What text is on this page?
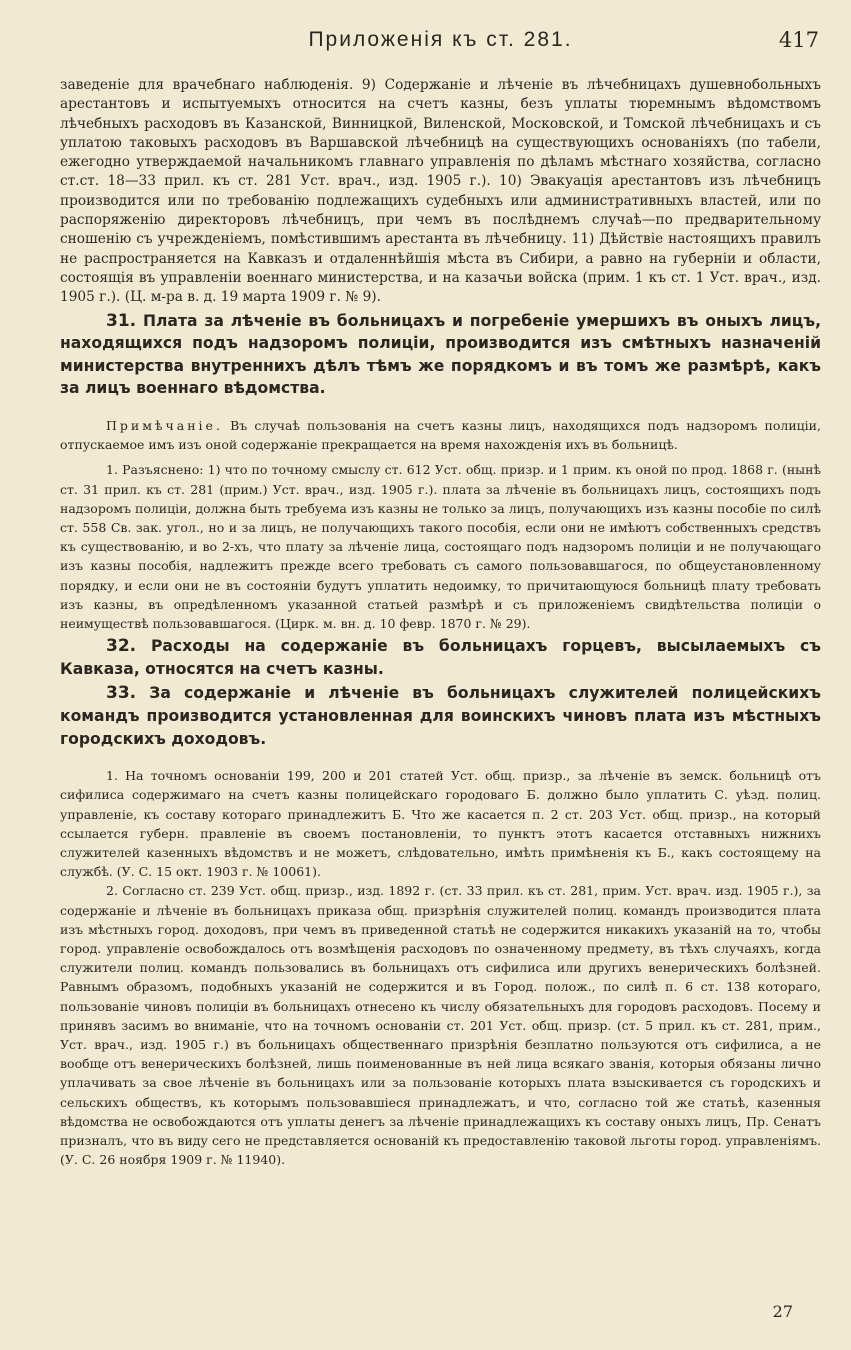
Приложенія къ ст. 281.	417

заведеніе для врачебнаго наблюденія. 9) Содержаніе и лѣченіе въ лѣчебницахъ душевнобольныхъ арестантовъ и испытуемыхъ относится на счетъ казны, безъ уплаты тюремнымъ вѣдомствомъ лѣчебныхъ расходовъ въ Казанской, Винницкой, Виленской, Московской, и Томской лѣчебницахъ и съ уплатою таковыхъ расходовъ въ Варшавской лѣчебницѣ на существующихъ основаніяхъ (по табели, ежегодно утверждаемой начальникомъ главнаго управленія по дѣламъ мѣстнаго хозяйства, согласно ст.ст. 18—33 прил. къ ст. 281 Уст. врач., изд. 1905 г.). 10) Эвакуація арестантовъ изъ лѣчебницъ производится или по требованію подлежащихъ судебныхъ или административныхъ властей, или по распоряженію директоровъ лѣчебницъ, при чемъ въ послѣднемъ случаѣ—по предварительному сношенію съ учрежденіемъ, помѣстившимъ арестанта въ лѣчебницу. 11) Дѣйствіе настоящихъ правилъ не распространяется на Кавказъ и отдаленнѣйшія мѣста въ Сибири, а равно на губерніи и области, состоящія въ управленіи военнаго министерства, и на казачьи войска (прим. 1 къ ст. 1 Уст. врач., изд. 1905 г.). (Ц. м-ра в. д. 19 марта 1909 г. № 9).

31. Плата за лѣченіе въ больницахъ и погребеніе умершихъ въ оныхъ лицъ, находящихся подъ надзоромъ полиціи, производится изъ смѣтныхъ назначеній министерства внутреннихъ дѣлъ тѣмъ же порядкомъ и въ томъ же размѣрѣ, какъ за лицъ военнаго вѣдомства.

Примѣчаніе. Въ случаѣ пользованія на счетъ казны лицъ, находящихся подъ надзоромъ полиціи, отпускаемое имъ изъ оной содержаніе прекращается на время нахожденія ихъ въ больницѣ.

1. Разъяснено: 1) что по точному смыслу ст. 612 Уст. общ. призр. и 1 прим. къ оной по прод. 1868 г. (нынѣ ст. 31 прил. къ ст. 281 (прим.) Уст. врач., изд. 1905 г.). плата за лѣченіе въ больницахъ лицъ, состоящихъ подъ надзоромъ полиціи, должна быть требуема изъ казны не только за лицъ, получающихъ изъ казны пособіе по силѣ ст. 558 Св. зак. угол., но и за лицъ, не получающихъ такого пособія, если они не имѣютъ собственныхъ средствъ къ существованію, и во 2-хъ, что плату за лѣченіе лица, состоящаго подъ надзоромъ полиціи и не получающаго изъ казны пособія, надлежитъ прежде всего требовать съ самого пользовавшагося, по общеустановленному порядку, и если они не въ состояніи будутъ уплатить недоимку, то причитающуюся больницѣ плату требовать изъ казны, въ опредѣленномъ указанной статьей размѣрѣ и съ приложеніемъ свидѣтельства полиціи о неимуществѣ пользовавшагося. (Цирк. м. вн. д. 10 февр. 1870 г. № 29).

32. Расходы на содержаніе въ больницахъ горцевъ, высылаемыхъ съ Кавказа, относятся на счетъ казны.

33. За содержаніе и лѣченіе въ больницахъ служителей полицейскихъ командъ производится установленная для воинскихъ чиновъ плата изъ мѣстныхъ городскихъ доходовъ.

1. На точномъ основаніи 199, 200 и 201 статей Уст. общ. призр., за лѣченіе въ земск. больницѣ отъ сифилиса содержимаго на счетъ казны полицейскаго городоваго Б. должно было уплатить С. уѣзд. полиц. управленіе, къ составу котораго принадлежитъ Б. Что же касается п. 2 ст. 203 Уст. общ. призр., на который ссылается губерн. правленіе въ своемъ постановленіи, то пунктъ этотъ касается отставныхъ нижнихъ служителей казенныхъ вѣдомствъ и не можетъ, слѣдовательно, имѣть примѣненія къ Б., какъ состоящему на службѣ. (У. С. 15 окт. 1903 г. № 10061).

2. Согласно ст. 239 Уст. общ. призр., изд. 1892 г. (ст. 33 прил. къ ст. 281, прим. Уст. врач. изд. 1905 г.), за содержаніе и лѣченіе въ больницахъ приказа общ. призрѣнія служителей полиц. командъ производится плата изъ мѣстныхъ город. доходовъ, при чемъ въ приведенной статьѣ не содержится никакихъ указаній на то, чтобы город. управленіе освобождалось отъ возмѣщенія расходовъ по означенному предмету, въ тѣхъ случаяхъ, когда служители полиц. командъ пользовались въ больницахъ отъ сифилиса или другихъ венерическихъ болѣзней. Равнымъ образомъ, подобныхъ указаній не содержится и въ Город. полож., по силѣ п. 6 ст. 138 котораго, пользованіе чиновъ полиціи въ больницахъ отнесено къ числу обязательныхъ для городовъ расходовъ. Посему и принявъ засимъ во вниманіе, что на точномъ основаніи ст. 201 Уст. общ. призр. (ст. 5 прил. къ ст. 281, прим., Уст. врач., изд. 1905 г.) въ больницахъ общественнаго призрѣнія безплатно пользуются отъ сифилиса, а не вообще отъ венерическихъ болѣзней, лишь поименованные въ ней лица всякаго званія, которыя обязаны лично уплачивать за свое лѣченіе въ больницахъ или за пользованіе которыхъ плата взыскивается съ городскихъ и сельскихъ обществъ, къ которымъ пользовавшіеся принадлежатъ, и что, согласно той же статьѣ, казенныя вѣдомства не освобождаются отъ уплаты денегъ за лѣченіе принадлежащихъ къ составу оныхъ лицъ, Пр. Сенатъ призналъ, что въ виду сего не представляется основаній къ предоставленію таковой льготы город. управленіямъ. (У. С. 26 ноября 1909 г. № 11940).

27
